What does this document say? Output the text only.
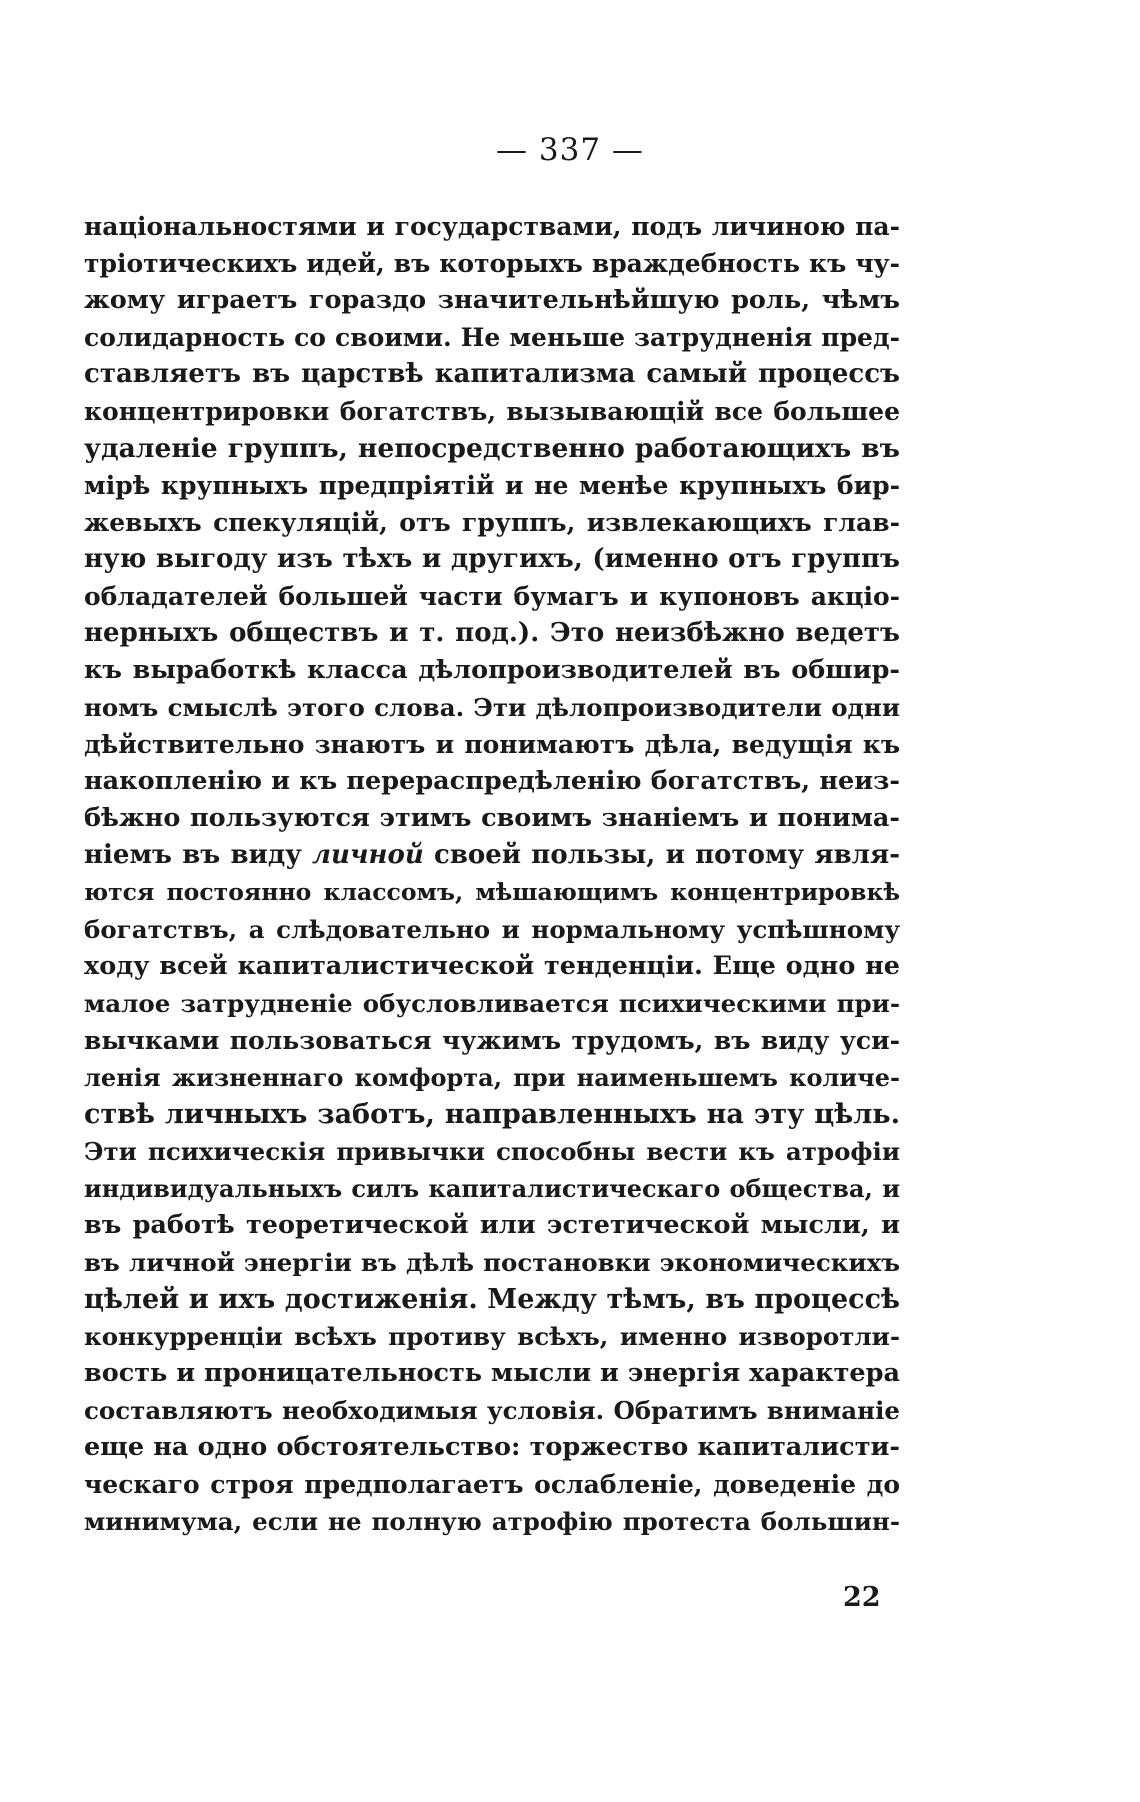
— 337 —
національностями и государствами, подъ личиною па-
тріотическихъ идей, въ которыхъ враждебность къ чу-
жому играетъ гораздо значительнѣйшую роль, чѣмъ
солидарность со своими. Не меньше затрудненія пред-
ставляетъ въ царствѣ капитализма самый процессъ
концентрировки богатствъ, вызывающій все большее
удаленіе группъ, непосредственно работающихъ въ
мірѣ крупныхъ предпріятій и не менѣе крупныхъ бир-
жевыхъ спекуляцій, отъ группъ, извлекающихъ глав-
ную выгоду изъ тѣхъ и другихъ, (именно отъ группъ
обладателей большей части бумагъ и купоновъ акціо-
нерныхъ обществъ и т. под.). Это неизбѣжно ведетъ
къ выработкѣ класса дѣлопроизводителей въ обшир-
номъ смыслѣ этого слова. Эти дѣлопроизводители одни
дѣйствительно знаютъ и понимаютъ дѣла, ведущія къ
накопленію и къ перераспредѣленію богатствъ, неиз-
бѣжно пользуются этимъ своимъ знаніемъ и понима-
ніемъ въ виду личной своей пользы, и потому явля-
ются постоянно классомъ, мѣшающимъ концентрировкѣ
богатствъ, а слѣдовательно и нормальному успѣшному
ходу всей капиталистической тенденціи. Еще одно не
малое затрудненіе обусловливается психическими при-
вычками пользоваться чужимъ трудомъ, въ виду уси-
ленія жизненнаго комфорта, при наименьшемъ количе-
ствѣ личныхъ заботъ, направленныхъ на эту цѣль.
Эти психическія привычки способны вести къ атрофіи
индивидуальныхъ силъ капиталистическаго общества, и
въ работѣ теоретической или эстетической мысли, и
въ личной энергіи въ дѣлѣ постановки экономическихъ
цѣлей и ихъ достиженія. Между тѣмъ, въ процессѣ
конкурренціи всѣхъ противу всѣхъ, именно изворотли-
вость и проницательность мысли и энергія характера
составляютъ необходимыя условія. Обратимъ вниманіе
еще на одно обстоятельство: торжество капиталисти-
ческаго строя предполагаетъ ослабленіе, доведеніе до
минимума, если не полную атрофію протеста большин-
22
